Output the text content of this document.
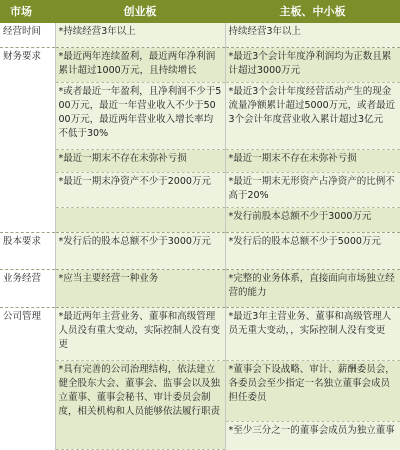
市场	创业板	主板、中小板
经营时间	*持续经营3年以上	持续经营3年以上

财务要求	*最近两年连续盈利，最近两年净利润累计超过1000万元，且持续增长	*最近3个会计年度净利润均为正数且累计超过3000万元

	*或者最近一年盈利，且净利润不少于500万元，最近一年营业收入不少于5000万元，最近两年营业收入增长率均不低于30%	*最近3个会计年度经营活动产生的现金流量净额累计超过5000万元，或者最近3个会计年度营业收入累计超过3亿元

	*最近一期末不存在未弥补亏损	*最近一期末不存在未弥补亏损

	*最近一期末净资产不少于2000万元	*最近一期末无形资产占净资产的比例不高于20%

		*发行前股本总额不少于3000万元

股本要求	*发行后的股本总额不少于3000万元	*发行后的股本总额不少于5000万元

业务经营	*应当主要经营一种业务	*完整的业务体系，直接面向市场独立经营的能力

公司管理	*最近两年主营业务、董事和高级管理人员没有重大变动，实际控制人没有变更	*最近3年主营业务、董事和高级管理人员无重大变动，，实际控制人没有变更

	*具有完善的公司治理结构，依法建立健全股东大会、董事会、监事会以及独立董事、董事会秘书、审计委员会制度，相关机构和人员能够依法履行职责	*董事会下设战略、审计、薪酬委员会，各委员会至少指定一名独立董事会成员担任委员

		*至少三分之一的董事会成员为独立董事
